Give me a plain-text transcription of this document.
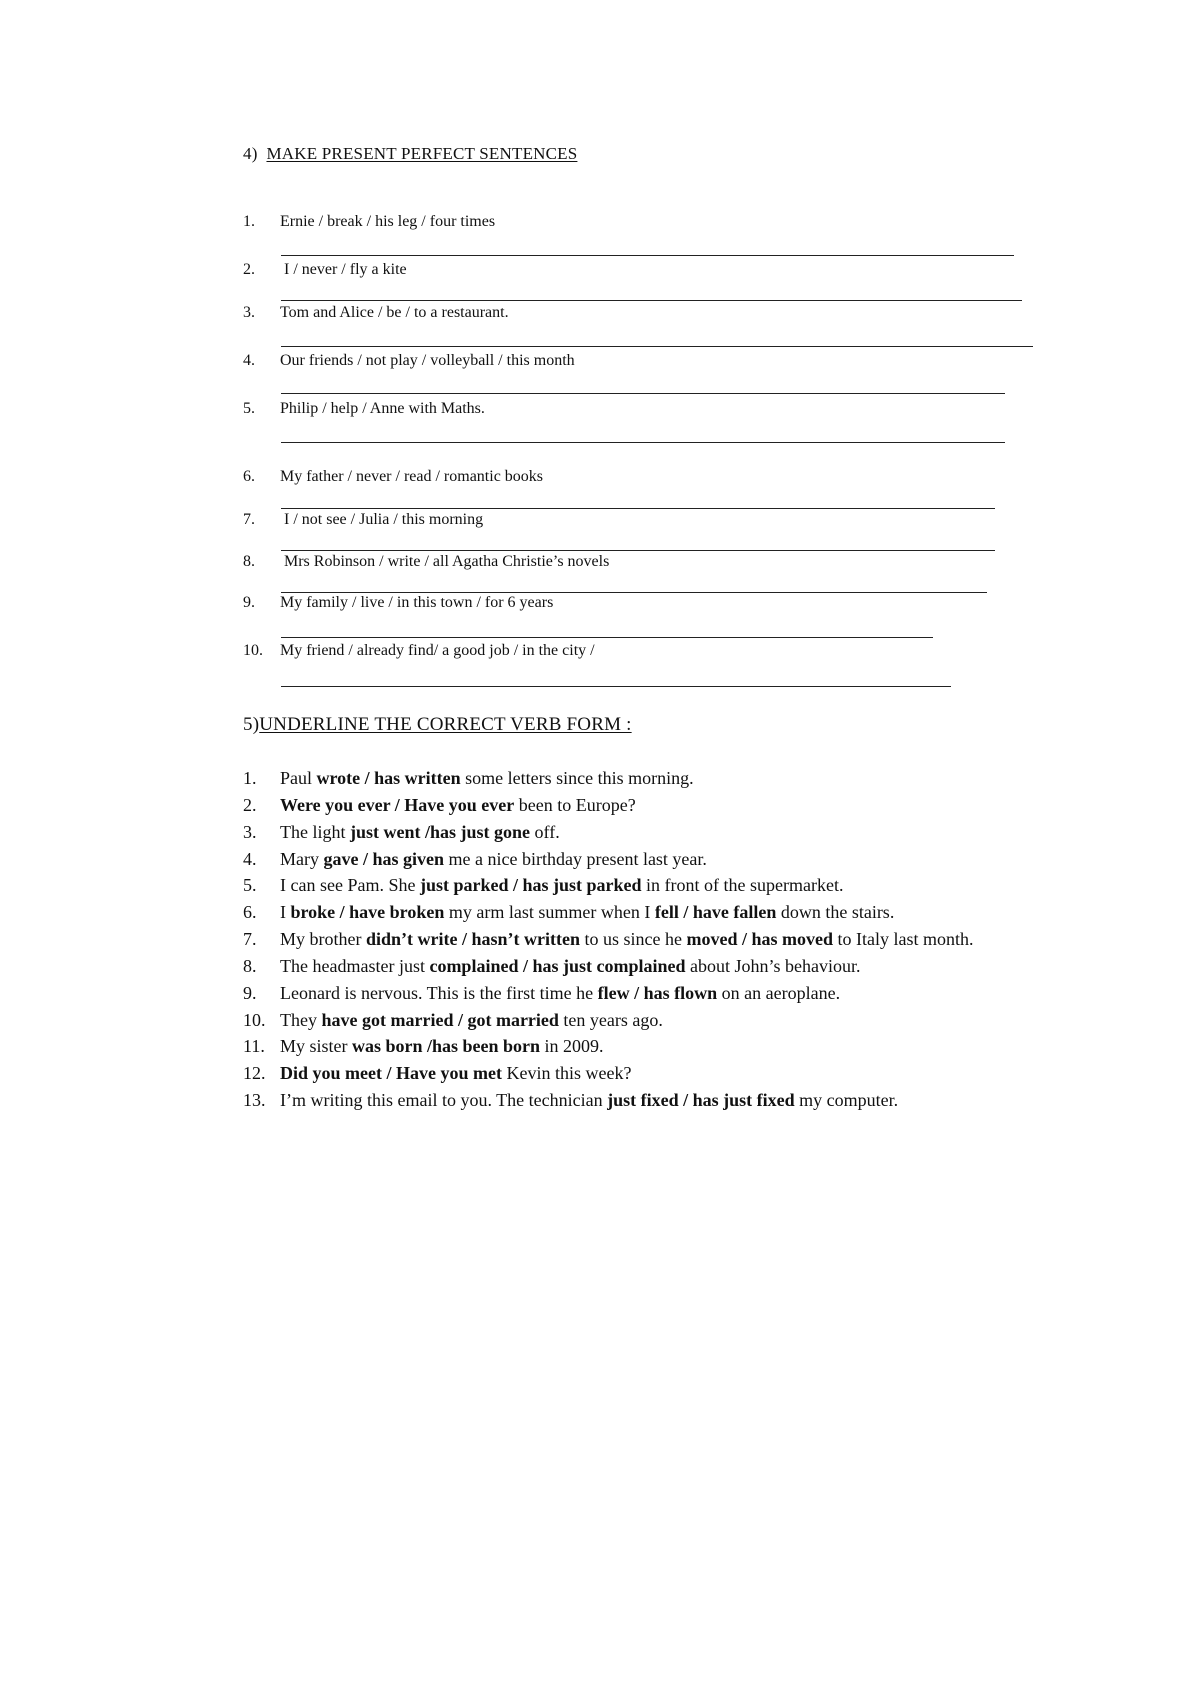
4) MAKE PRESENT PERFECT SENTENCES
1. Ernie / break / his leg / four times
2. I / never / fly a kite
3. Tom and Alice / be / to a restaurant.
4. Our friends / not play / volleyball / this month
5. Philip / help / Anne with Maths.
6. My father / never / read / romantic books
7. I / not see / Julia / this morning
8. Mrs Robinson / write / all Agatha Christie’s novels
9. My family / live / in this town / for 6 years
10. My friend / already find/ a good job / in the city /
5)UNDERLINE THE CORRECT VERB FORM :
1. Paul wrote / has written some letters since this morning.
2. Were you ever / Have you ever been to Europe?
3. The light just went /has just gone off.
4. Mary gave / has given me a nice birthday present last year.
5. I can see Pam. She just parked / has just parked in front of the supermarket.
6. I broke / have broken my arm last summer when I fell / have fallen down the stairs.
7. My brother didn’t write / hasn’t written to us since he moved / has moved to Italy last month.
8. The headmaster just complained / has just complained about John’s behaviour.
9. Leonard is nervous. This is the first time he flew / has flown on an aeroplane.
10. They have got married / got married ten years ago.
11. My sister was born /has been born in 2009.
12. Did you meet / Have you met Kevin this week?
13. I’m writing this email to you. The technician just fixed / has just fixed my computer.
